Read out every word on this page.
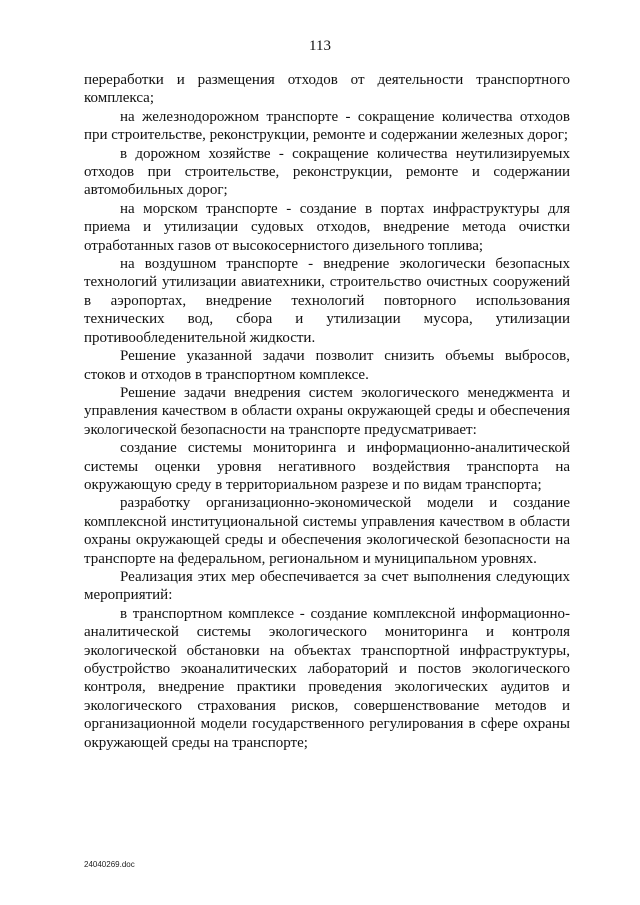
113

переработки и размещения отходов от деятельности транспортного комплекса;

на железнодорожном транспорте - сокращение количества отходов при строительстве, реконструкции, ремонте и содержании железных дорог;

в дорожном хозяйстве - сокращение количества неутилизируемых отходов при строительстве, реконструкции, ремонте и содержании автомобильных дорог;

на морском транспорте - создание в портах инфраструктуры для приема и утилизации судовых отходов, внедрение метода очистки отработанных газов от высокосернистого дизельного топлива;

на воздушном транспорте - внедрение экологически безопасных технологий утилизации авиатехники, строительство очистных сооружений в аэропортах, внедрение технологий повторного использования технических вод, сбора и утилизации мусора, утилизации противообледенительной жидкости.

Решение указанной задачи позволит снизить объемы выбросов, стоков и отходов в транспортном комплексе.

Решение задачи внедрения систем экологического менеджмента и управления качеством в области охраны окружающей среды и обеспечения экологической безопасности на транспорте предусматривает:

создание системы мониторинга и информационно-аналитической системы оценки уровня негативного воздействия транспорта на окружающую среду в территориальном разрезе и по видам транспорта;

разработку организационно-экономической модели и создание комплексной институциональной системы управления качеством в области охраны окружающей среды и обеспечения экологической безопасности на транспорте на федеральном, региональном и муниципальном уровнях.

Реализация этих мер обеспечивается за счет выполнения следующих мероприятий:

в транспортном комплексе - создание комплексной информационно-аналитической системы экологического мониторинга и контроля экологической обстановки на объектах транспортной инфраструктуры, обустройство экоаналитических лабораторий и постов экологического контроля, внедрение практики проведения экологических аудитов и экологического страхования рисков, совершенствование методов и организационной модели государственного регулирования в сфере охраны окружающей среды на транспорте;

24040269.doc
